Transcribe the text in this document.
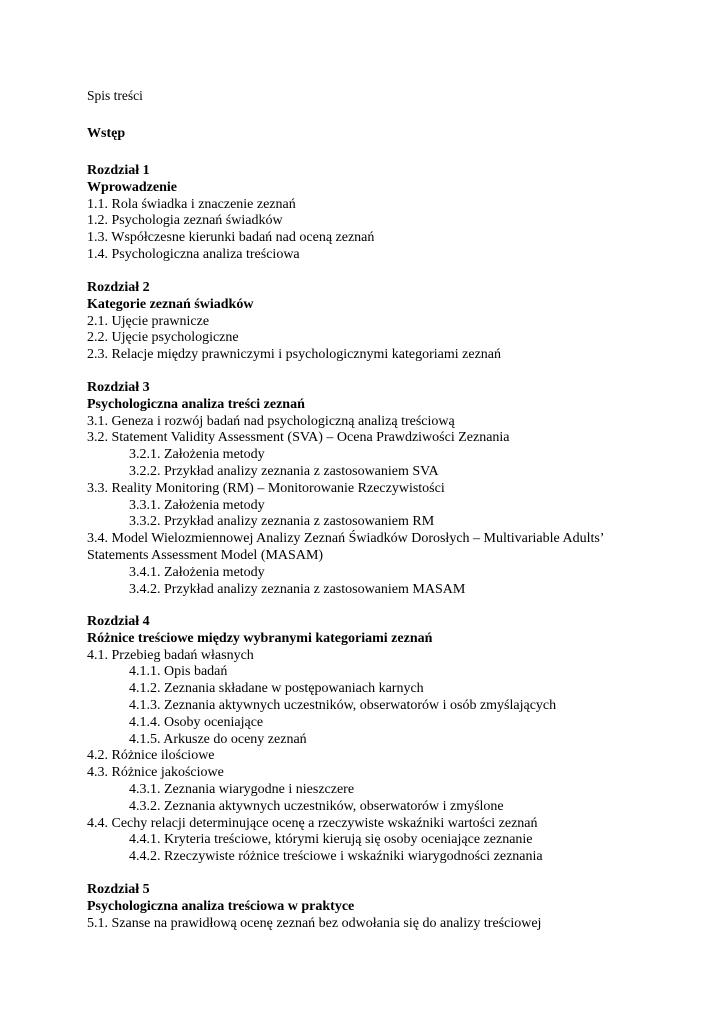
Spis treści
Wstęp
Rozdział 1
Wprowadzenie
1.1. Rola świadka i znaczenie zeznań
1.2. Psychologia zeznań świadków
1.3. Współczesne kierunki badań nad oceną zeznań
1.4. Psychologiczna analiza treściowa
Rozdział 2
Kategorie zeznań świadków
2.1. Ujęcie prawnicze
2.2. Ujęcie psychologiczne
2.3. Relacje między prawniczymi i psychologicznymi kategoriami zeznań
Rozdział 3
Psychologiczna analiza treści zeznań
3.1. Geneza i rozwój badań nad psychologiczną analizą treściową
3.2. Statement Validity Assessment (SVA) – Ocena Prawdziwości Zeznania
3.2.1. Założenia metody
3.2.2. Przykład analizy zeznania z zastosowaniem SVA
3.3. Reality Monitoring (RM) – Monitorowanie Rzeczywistości
3.3.1. Założenia metody
3.3.2. Przykład analizy zeznania z zastosowaniem RM
3.4. Model Wielozmiennowej Analizy Zeznań Świadków Dorosłych – Multivariable Adults’
Statements Assessment Model (MASAM)
3.4.1. Założenia metody
3.4.2. Przykład analizy zeznania z zastosowaniem MASAM
Rozdział 4
Różnice treściowe między wybranymi kategoriami zeznań
4.1. Przebieg badań własnych
4.1.1. Opis badań
4.1.2. Zeznania składane w postępowaniach karnych
4.1.3. Zeznania aktywnych uczestników, obserwatorów i osób zmyślających
4.1.4. Osoby oceniające
4.1.5. Arkusze do oceny zeznań
4.2. Różnice ilościowe
4.3. Różnice jakościowe
4.3.1. Zeznania wiarygodne i nieszczere
4.3.2. Zeznania aktywnych uczestników, obserwatorów i zmyślone
4.4. Cechy relacji determinujące ocenę a rzeczywiste wskaźniki wartości zeznań
4.4.1. Kryteria treściowe, którymi kierują się osoby oceniające zeznanie
4.4.2. Rzeczywiste różnice treściowe i wskaźniki wiarygodności zeznania
Rozdział 5
Psychologiczna analiza treściowa w praktyce
5.1. Szanse na prawidłową ocenę zeznań bez odwołania się do analizy treściowej
